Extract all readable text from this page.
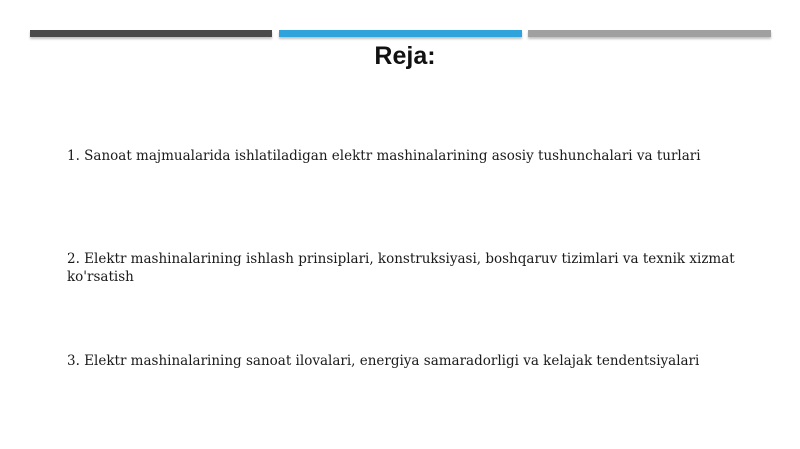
Reja:
1. Sanoat majmualarida ishlatiladigan elektr mashinalarining asosiy tushunchalari va turlari
2. Elektr mashinalarining ishlash prinsiplari, konstruksiyasi, boshqaruv tizimlari va texnik xizmat ko'rsatish
3. Elektr mashinalarining sanoat ilovalari, energiya samaradorligi va kelajak tendentsiyalari
